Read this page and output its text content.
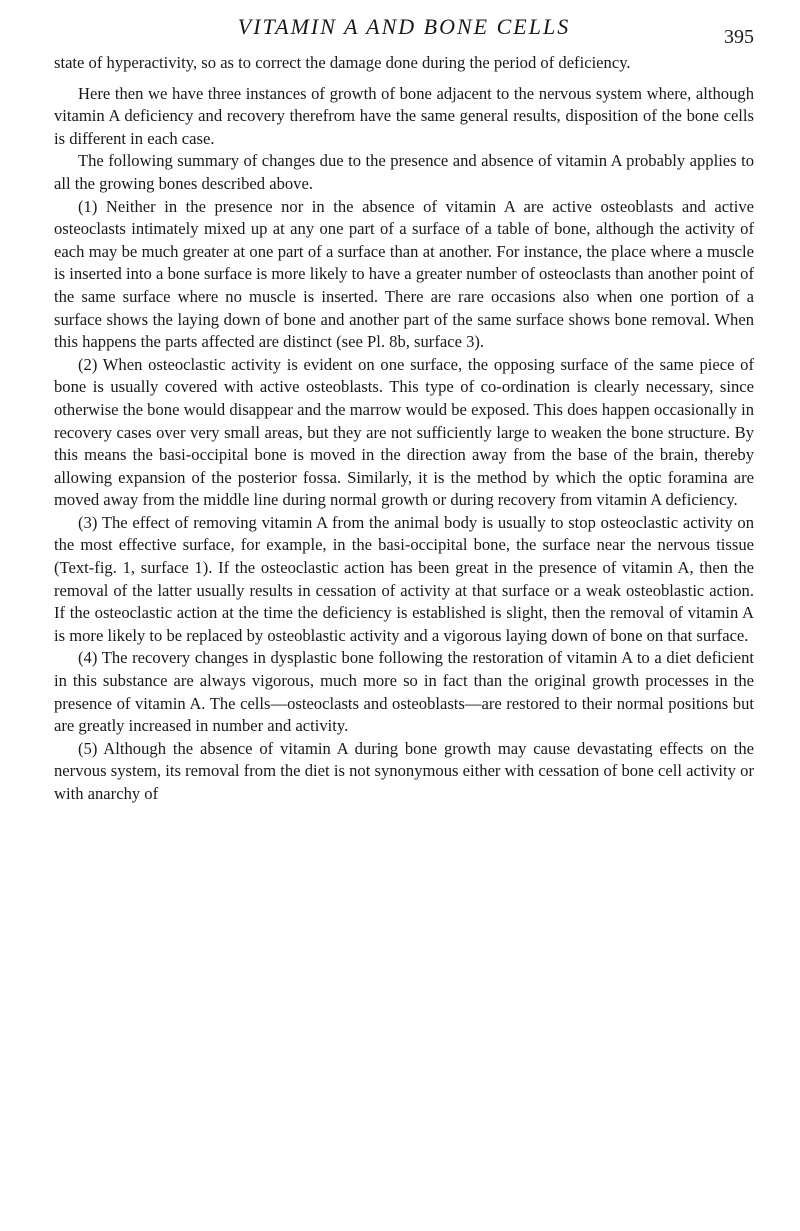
VITAMIN A AND BONE CELLS	395

state of hyperactivity, so as to correct the damage done during the period of deficiency.

Here then we have three instances of growth of bone adjacent to the nervous system where, although vitamin A deficiency and recovery therefrom have the same general results, disposition of the bone cells is different in each case.

The following summary of changes due to the presence and absence of vitamin A probably applies to all the growing bones described above.

(1) Neither in the presence nor in the absence of vitamin A are active osteoblasts and active osteoclasts intimately mixed up at any one part of a surface of a table of bone, although the activity of each may be much greater at one part of a surface than at another. For instance, the place where a muscle is inserted into a bone surface is more likely to have a greater number of osteoclasts than another point of the same surface where no muscle is inserted. There are rare occasions also when one portion of a surface shows the laying down of bone and another part of the same surface shows bone removal. When this happens the parts affected are distinct (see Pl. 8b, surface 3).

(2) When osteoclastic activity is evident on one surface, the opposing surface of the same piece of bone is usually covered with active osteoblasts. This type of co-ordination is clearly necessary, since otherwise the bone would disappear and the marrow would be exposed. This does happen occasionally in recovery cases over very small areas, but they are not sufficiently large to weaken the bone structure. By this means the basi-occipital bone is moved in the direction away from the base of the brain, thereby allowing expansion of the posterior fossa. Similarly, it is the method by which the optic foramina are moved away from the middle line during normal growth or during recovery from vitamin A deficiency.

(3) The effect of removing vitamin A from the animal body is usually to stop osteoclastic activity on the most effective surface, for example, in the basi-occipital bone, the surface near the nervous tissue (Text-fig. 1, surface 1). If the osteoclastic action has been great in the presence of vitamin A, then the removal of the latter usually results in cessation of activity at that surface or a weak osteoblastic action. If the osteoclastic action at the time the deficiency is established is slight, then the removal of vitamin A is more likely to be replaced by osteoblastic activity and a vigorous laying down of bone on that surface.

(4) The recovery changes in dysplastic bone following the restoration of vitamin A to a diet deficient in this substance are always vigorous, much more so in fact than the original growth processes in the presence of vitamin A. The cells—osteoclasts and osteoblasts—are restored to their normal positions but are greatly increased in number and activity.

(5) Although the absence of vitamin A during bone growth may cause devastating effects on the nervous system, its removal from the diet is not synonymous either with cessation of bone cell activity or with anarchy of
